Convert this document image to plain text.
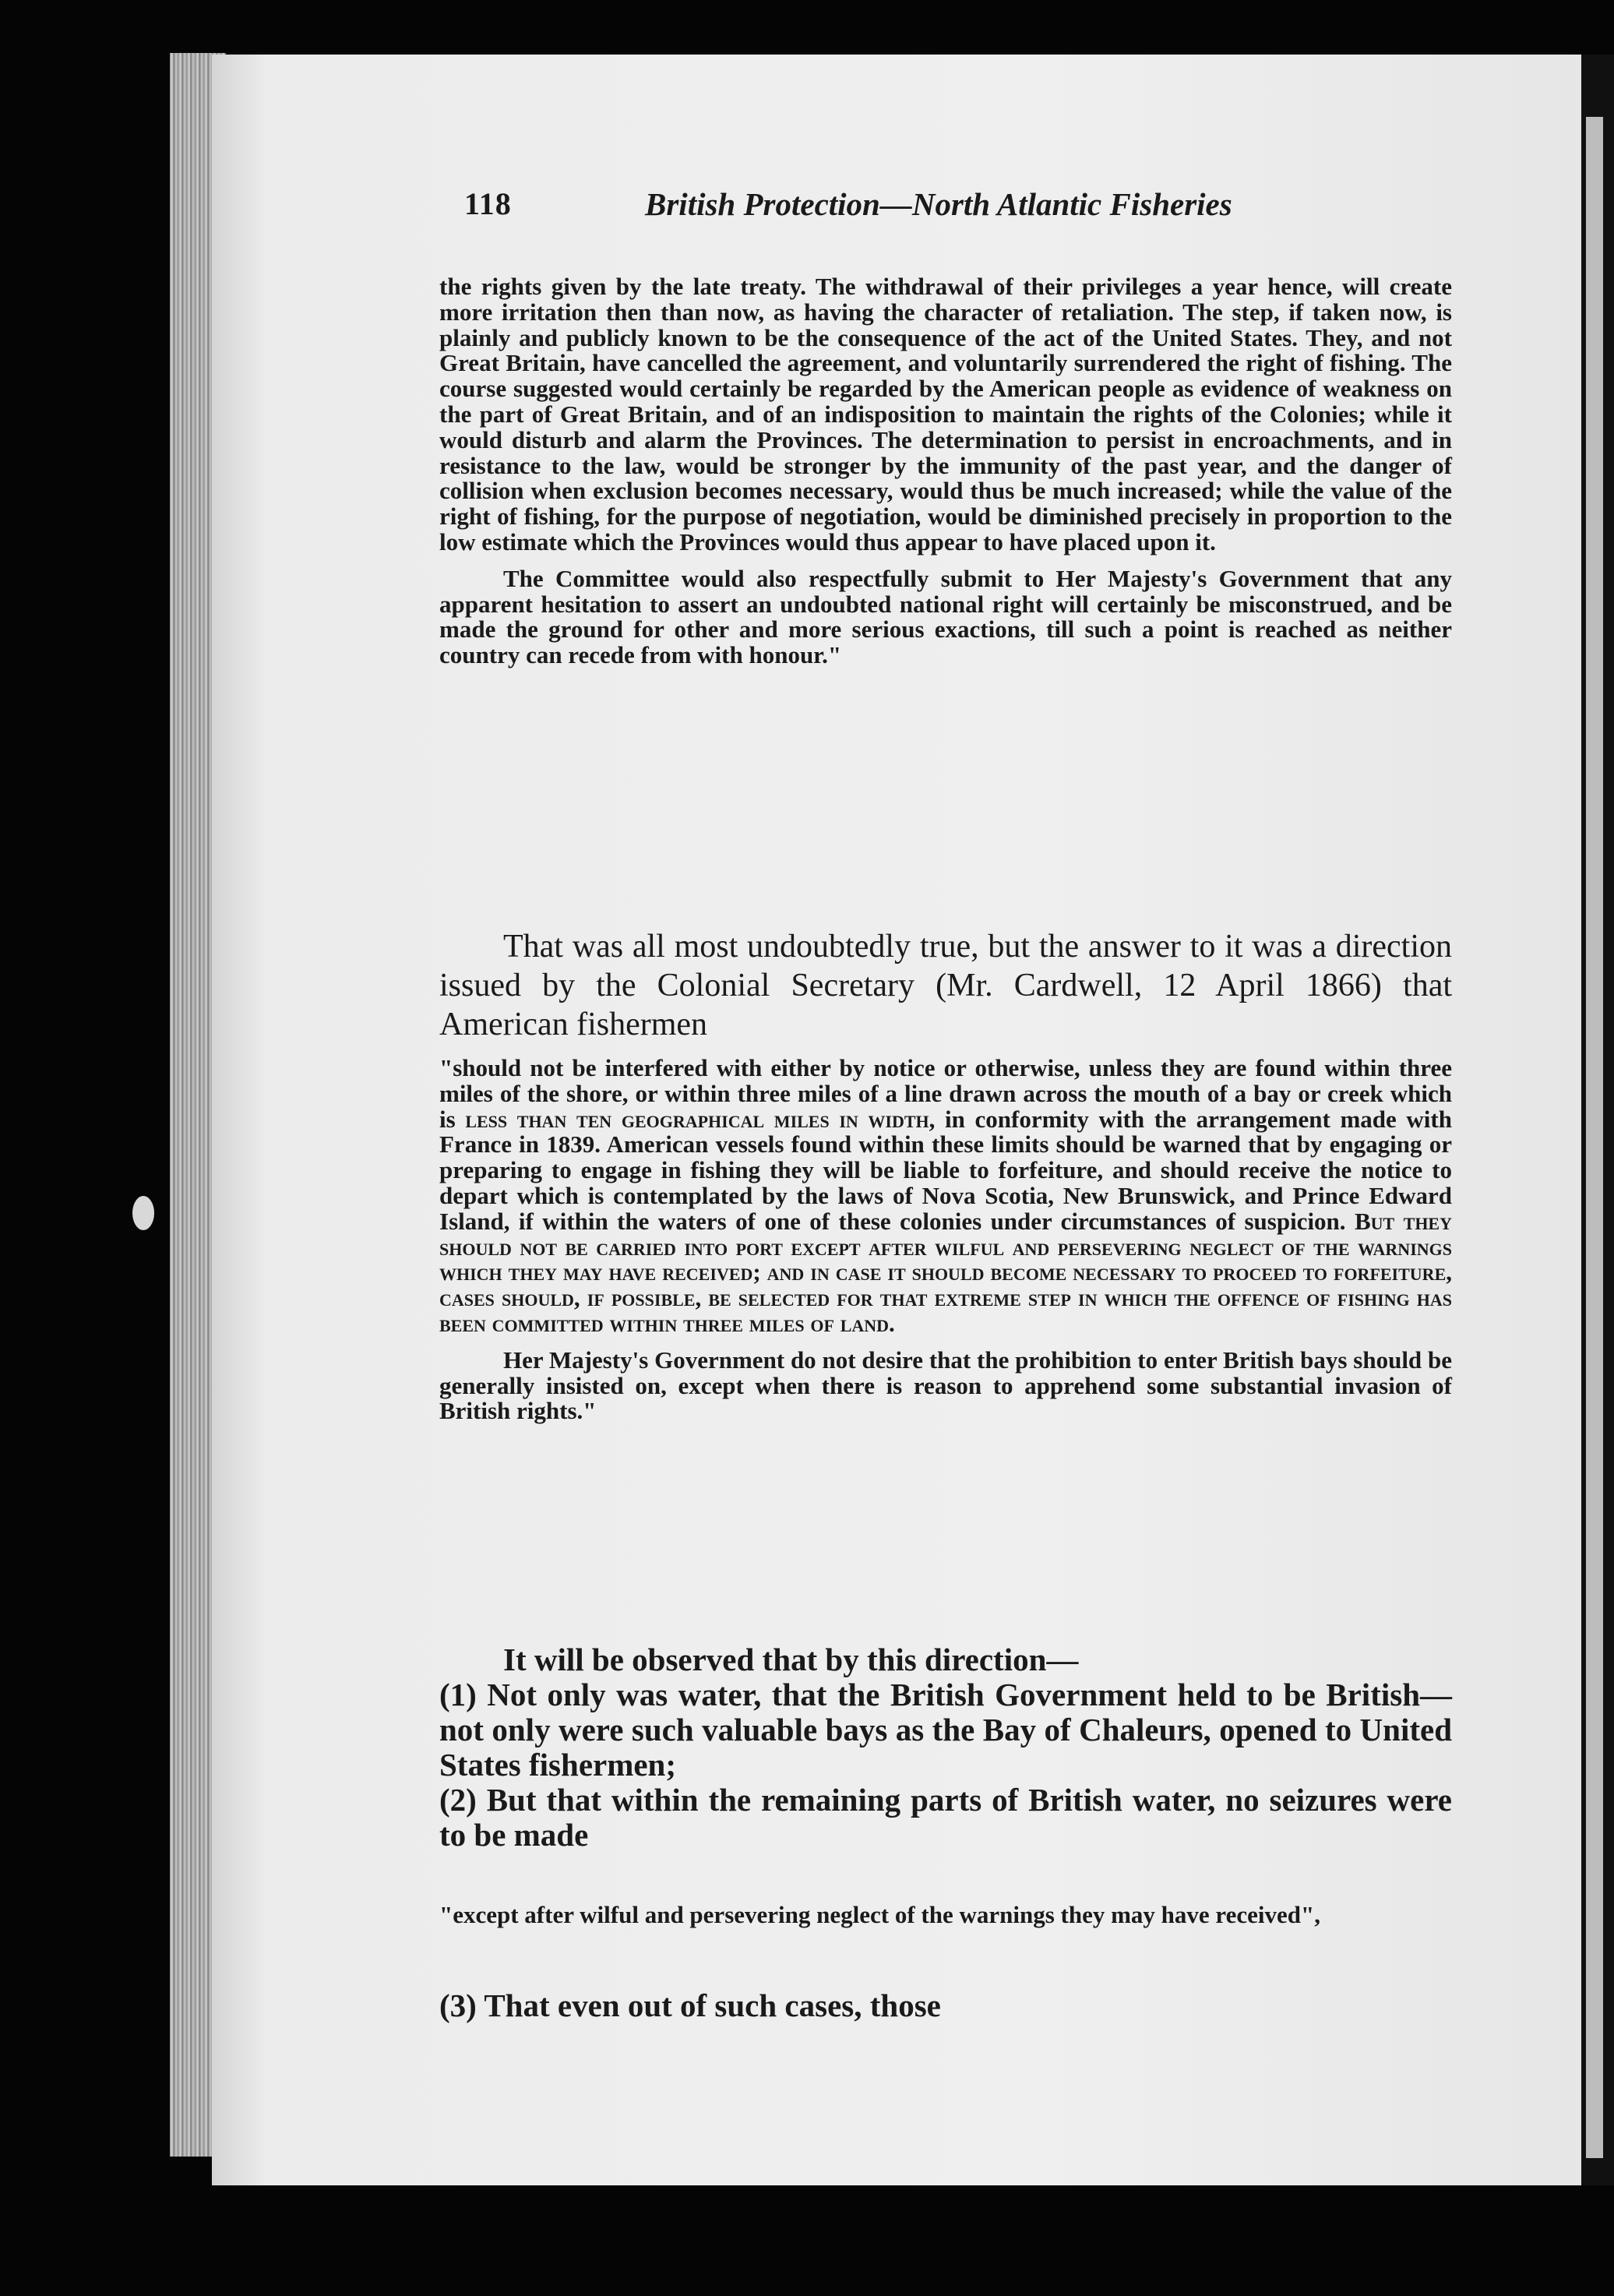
118	British Protection—North Atlantic Fisheries

the rights given by the late treaty. The withdrawal of their privileges a year hence, will create more irritation then than now, as having the character of retaliation. The step, if taken now, is plainly and publicly known to be the consequence of the act of the United States. They, and not Great Britain, have cancelled the agreement, and voluntarily surrendered the right of fishing. The course suggested would certainly be regarded by the American people as evidence of weakness on the part of Great Britain, and of an indisposition to maintain the rights of the Colonies; while it would disturb and alarm the Provinces. The determination to persist in encroachments, and in resistance to the law, would be stronger by the immunity of the past year, and the danger of collision when exclusion becomes necessary, would thus be much increased; while the value of the right of fishing, for the purpose of negotiation, would be diminished precisely in proportion to the low estimate which the Provinces would thus appear to have placed upon it.

The Committee would also respectfully submit to Her Majesty's Government that any apparent hesitation to assert an undoubted national right will certainly be misconstrued, and be made the ground for other and more serious exactions, till such a point is reached as neither country can recede from with honour."

That was all most undoubtedly true, but the answer to it was a direction issued by the Colonial Secretary (Mr. Cardwell, 12 April 1866) that American fishermen

"should not be interfered with either by notice or otherwise, unless they are found within three miles of the shore, or within three miles of a line drawn across the mouth of a bay or creek which is less than ten geographical miles in width, in conformity with the arrangement made with France in 1839. American vessels found within these limits should be warned that by engaging or preparing to engage in fishing they will be liable to forfeiture, and should receive the notice to depart which is contemplated by the laws of Nova Scotia, New Brunswick, and Prince Edward Island, if within the waters of one of these colonies under circumstances of suspicion. But they should not be carried into port except after wilful and persevering neglect of the warnings which they may have received; and in case it should become necessary to proceed to forfeiture, cases should, if possible, be selected for that extreme step in which the offence of fishing has been committed within three miles of land.

Her Majesty's Government do not desire that the prohibition to enter British bays should be generally insisted on, except when there is reason to apprehend some substantial invasion of British rights."

It will be observed that by this direction—

(1) Not only was water, that the British Government held to be British—not only were such valuable bays as the Bay of Chaleurs, opened to United States fishermen;

(2) But that within the remaining parts of British water, no seizures were to be made

"except after wilful and persevering neglect of the warnings they may have received",
(3) That even out of such cases, those
